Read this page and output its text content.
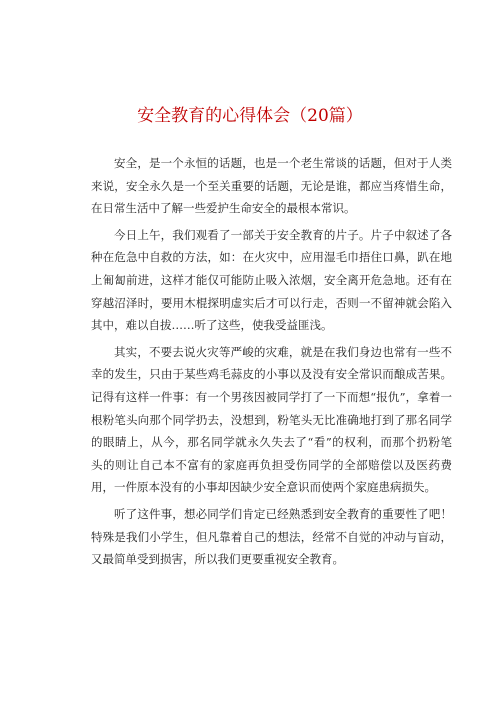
安全教育的心得体会（20篇）

安全，是一个永恒的话题，也是一个老生常谈的话题，但对于人类
来说，安全永久是一个至关重要的话题，无论是谁，都应当疼惜生命，
在日常生活中了解一些爱护生命安全的最根本常识。

今日上午，我们观看了一部关于安全教育的片子。片子中叙述了各
种在危急中自救的方法，如：在火灾中，应用湿毛巾捂住口鼻，趴在地
上匍匐前进，这样才能仅可能防止吸入浓烟，安全离开危急地。还有在
穿越沼泽时，要用木棍探明虚实后才可以行走，否则一不留神就会陷入
其中，难以自拔……听了这些，使我受益匪浅。

其实，不要去说火灾等严峻的灾难，就是在我们身边也常有一些不
幸的发生，只由于某些鸡毛蒜皮的小事以及没有安全常识而酿成苦果。
记得有这样一件事：有一个男孩因被同学打了一下而想“报仇”，拿着一
根粉笔头向那个同学扔去，没想到，粉笔头无比准确地打到了那名同学
的眼睛上，从今，那名同学就永久失去了“看”的权利，而那个扔粉笔
头的则让自己本不富有的家庭再负担受伤同学的全部赔偿以及医药费
用，一件原本没有的小事却因缺少安全意识而使两个家庭患病损失。

听了这件事，想必同学们肯定已经熟悉到安全教育的重要性了吧！
特殊是我们小学生，但凡靠着自己的想法，经常不自觉的冲动与盲动，
又最简单受到损害，所以我们更要重视安全教育。
